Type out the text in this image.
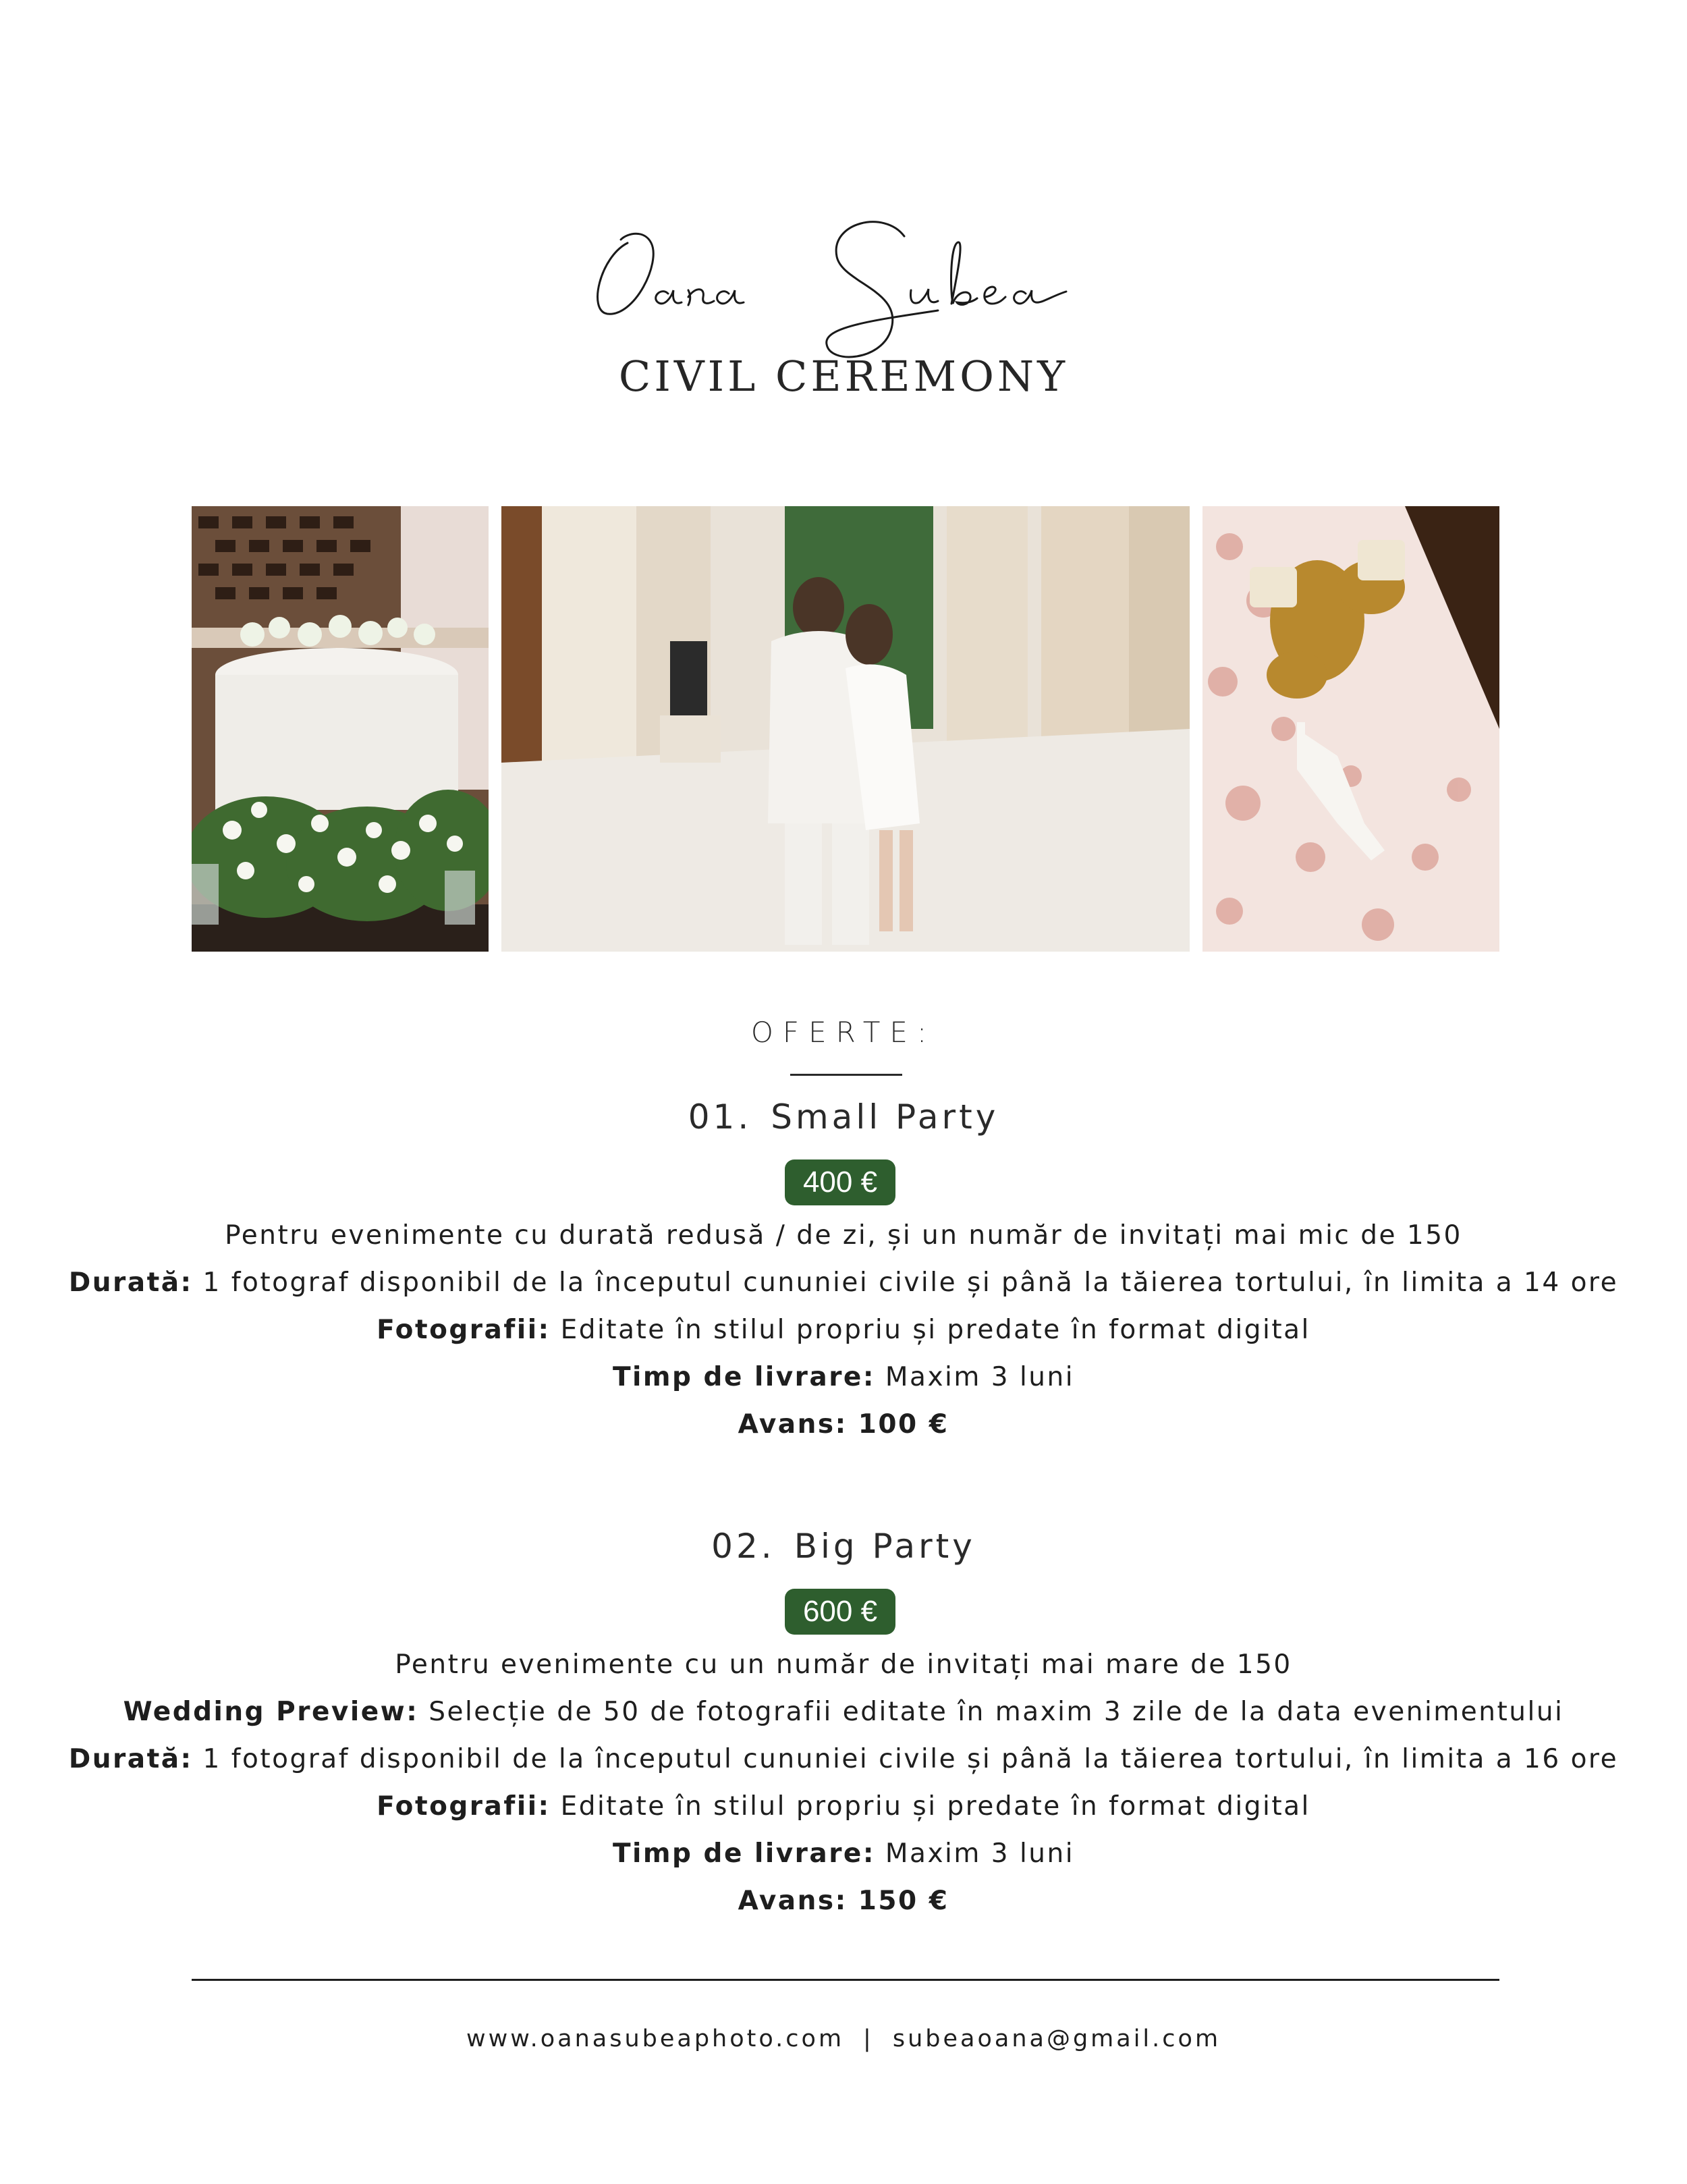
CIVIL CEREMONY
OFERTE:
01. Small Party
400 €
Pentru evenimente cu durată redusă / de zi, și un număr de invitați mai mic de 150
Durată: 1 fotograf disponibil de la începutul cununiei civile și până la tăierea tortului, în limita a 14 ore
Fotografii: Editate în stilul propriu și predate în format digital
Timp de livrare: Maxim 3 luni
Avans: 100 €
02. Big Party
600 €
Pentru evenimente cu un număr de invitați mai mare de 150
Wedding Preview: Selecție de 50 de fotografii editate în maxim 3 zile de la data evenimentului
Durată: 1 fotograf disponibil de la începutul cununiei civile și până la tăierea tortului, în limita a 16 ore
Fotografii: Editate în stilul propriu și predate în format digital
Timp de livrare: Maxim 3 luni
Avans: 150 €
www.oanasubeaphoto.com | subeaoana@gmail.com
